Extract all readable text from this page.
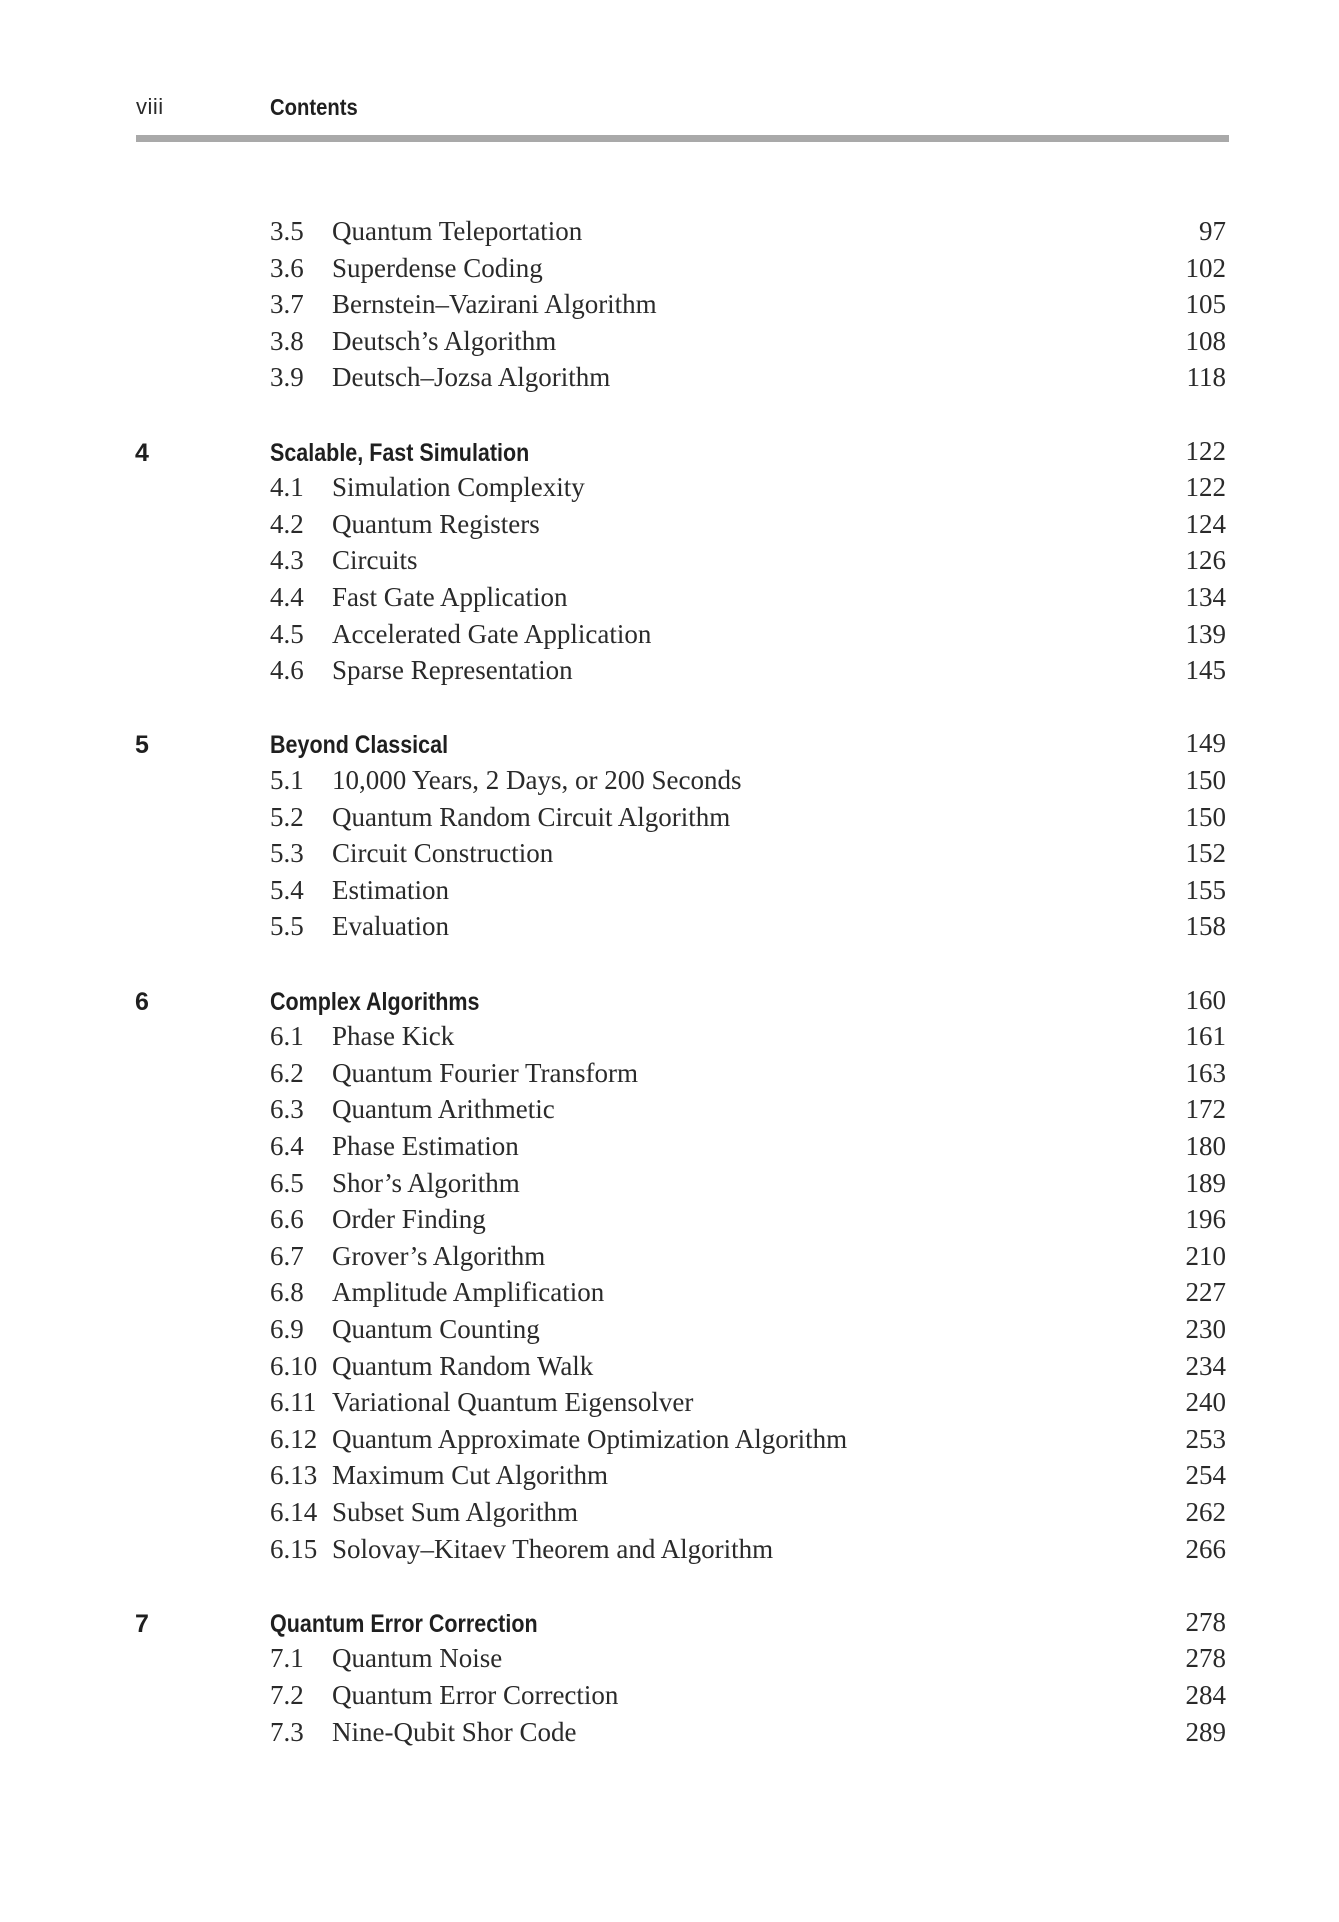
viii	Contents
3.5 Quantum Teleportation	97
3.6 Superdense Coding	102
3.7 Bernstein–Vazirani Algorithm	105
3.8 Deutsch’s Algorithm	108
3.9 Deutsch–Jozsa Algorithm	118
4	Scalable, Fast Simulation	122
4.1 Simulation Complexity	122
4.2 Quantum Registers	124
4.3 Circuits	126
4.4 Fast Gate Application	134
4.5 Accelerated Gate Application	139
4.6 Sparse Representation	145
5	Beyond Classical	149
5.1 10,000 Years, 2 Days, or 200 Seconds	150
5.2 Quantum Random Circuit Algorithm	150
5.3 Circuit Construction	152
5.4 Estimation	155
5.5 Evaluation	158
6	Complex Algorithms	160
6.1 Phase Kick	161
6.2 Quantum Fourier Transform	163
6.3 Quantum Arithmetic	172
6.4 Phase Estimation	180
6.5 Shor’s Algorithm	189
6.6 Order Finding	196
6.7 Grover’s Algorithm	210
6.8 Amplitude Amplification	227
6.9 Quantum Counting	230
6.10 Quantum Random Walk	234
6.11 Variational Quantum Eigensolver	240
6.12 Quantum Approximate Optimization Algorithm	253
6.13 Maximum Cut Algorithm	254
6.14 Subset Sum Algorithm	262
6.15 Solovay–Kitaev Theorem and Algorithm	266
7	Quantum Error Correction	278
7.1 Quantum Noise	278
7.2 Quantum Error Correction	284
7.3 Nine-Qubit Shor Code	289
